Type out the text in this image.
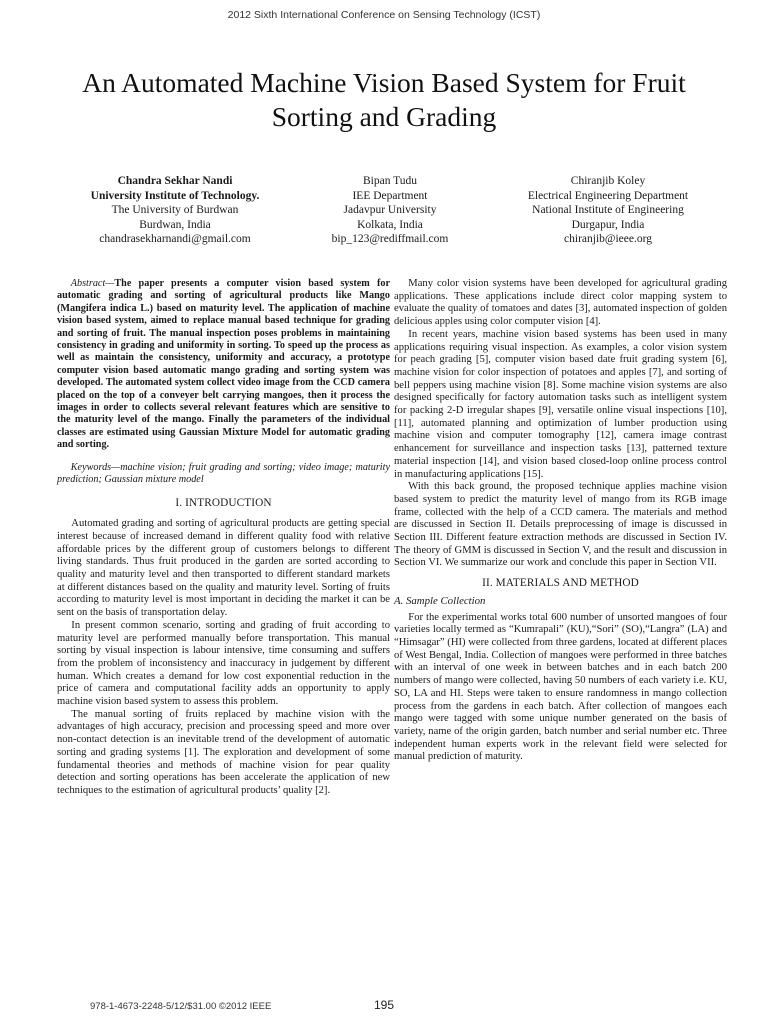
2012 Sixth International Conference on Sensing Technology (ICST)
An Automated Machine Vision Based System for Fruit Sorting and Grading
Chandra Sekhar Nandi
University Institute of Technology.
The University of Burdwan
Burdwan, India
chandrasekharnandi@gmail.com
Bipan Tudu
IEE Department
Jadavpur University
Kolkata, India
bip_123@rediffmail.com
Chiranjib Koley
Electrical Engineering Department
National Institute of Engineering
Durgapur, India
chiranjib@ieee.org

Abstract—The paper presents a computer vision based system for automatic grading and sorting of agricultural products like Mango (Mangifera indica L.) based on maturity level. The application of machine vision based system, aimed to replace manual based technique for grading and sorting of fruit. The manual inspection poses problems in maintaining consistency in grading and uniformity in sorting. To speed up the process as well as maintain the consistency, uniformity and accuracy, a prototype computer vision based automatic mango grading and sorting system was developed. The automated system collect video image from the CCD camera placed on the top of a conveyer belt carrying mangoes, then it process the images in order to collects several relevant features which are sensitive to the maturity level of the mango. Finally the parameters of the individual classes are estimated using Gaussian Mixture Model for automatic grading and sorting.

Keywords—machine vision; fruit grading and sorting; video image; maturity prediction; Gaussian mixture model

I. INTRODUCTION

Automated grading and sorting of agricultural products are getting special interest because of increased demand in different quality food with relative affordable prices by the different group of customers belongs to different living standards. Thus fruit produced in the garden are sorted according to quality and maturity level and then transported to different standard markets at different distances based on the quality and maturity level. Sorting of fruits according to maturity level is most important in deciding the market it can be sent on the basis of transportation delay.

In present common scenario, sorting and grading of fruit according to maturity level are performed manually before transportation. This manual sorting by visual inspection is labour intensive, time consuming and suffers from the problem of inconsistency and inaccuracy in judgement by different human. Which creates a demand for low cost exponential reduction in the price of camera and computational facility adds an opportunity to apply machine vision based system to assess this problem.

The manual sorting of fruits replaced by machine vision with the advantages of high accuracy, precision and processing speed and more over non-contact detection is an inevitable trend of the development of automatic sorting and grading systems [1]. The exploration and development of some fundamental theories and methods of machine vision for pear quality detection and sorting operations has been accelerate the application of new techniques to the estimation of agricultural products’ quality [2].

Many color vision systems have been developed for agricultural grading applications. These applications include direct color mapping system to evaluate the quality of tomatoes and dates [3], automated inspection of golden delicious apples using color computer vision [4].

In recent years, machine vision based systems has been used in many applications requiring visual inspection. As examples, a color vision system for peach grading [5], computer vision based date fruit grading system [6], machine vision for color inspection of potatoes and apples [7], and sorting of bell peppers using machine vision [8]. Some machine vision systems are also designed specifically for factory automation tasks such as intelligent system for packing 2-D irregular shapes [9], versatile online visual inspections [10], [11], automated planning and optimization of lumber production using machine vision and computer tomography [12], camera image contrast enhancement for surveillance and inspection tasks [13], patterned texture material inspection [14], and vision based closed-loop online process control in manufacturing applications [15].

With this back ground, the proposed technique applies machine vision based system to predict the maturity level of mango from its RGB image frame, collected with the help of a CCD camera. The materials and method are discussed in Section II. Details preprocessing of image is discussed in Section III. Different feature extraction methods are discussed in Section IV. The theory of GMM is discussed in Section V, and the result and discussion in Section VI. We summarize our work and conclude this paper in Section VII.

II. MATERIALS AND METHOD
A. Sample Collection

For the experimental works total 600 number of unsorted mangoes of four varieties locally termed as “Kumrapali” (KU),“Sori” (SO),“Langra” (LA) and “Himsagar” (HI) were collected from three gardens, located at different places of West Bengal, India. Collection of mangoes were performed in three batches with an interval of one week in between batches and in each batch 200 numbers of mango were collected, having 50 numbers of each variety i.e. KU, SO, LA and HI. Steps were taken to ensure randomness in mango collection process from the gardens in each batch. After collection of mangoes each mango were tagged with some unique number generated on the basis of variety, name of the origin garden, batch number and serial number etc. Three independent human experts work in the relevant field were selected for manual prediction of maturity.

978-1-4673-2248-5/12/$31.00 ©2012 IEEE	195
